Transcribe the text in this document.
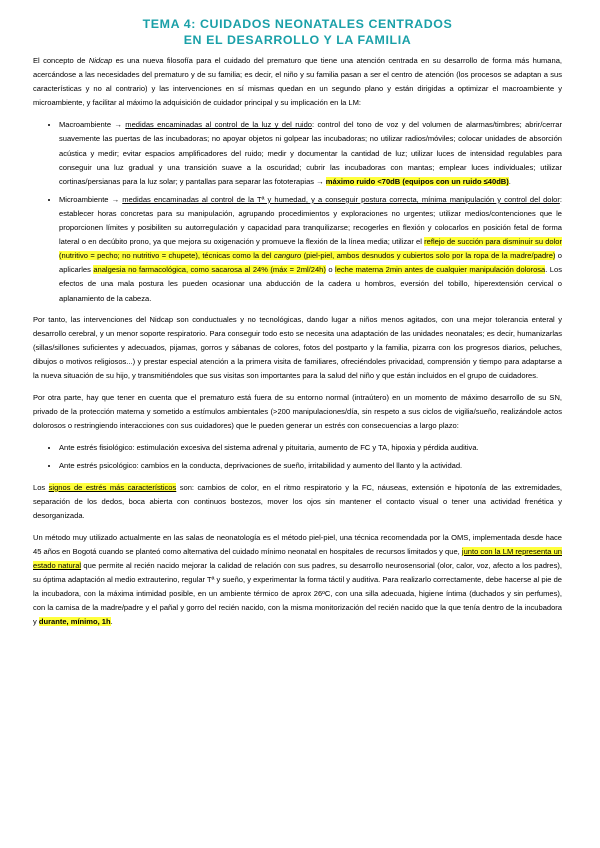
TEMA 4: CUIDADOS NEONATALES CENTRADOS
EN EL DESARROLLO Y LA FAMILIA

El concepto de Nidcap es una nueva filosofía para el cuidado del prematuro que tiene una atención centrada en su desarrollo de forma más humana, acercándose a las necesidades del prematuro y de su familia; es decir, el niño y su familia pasan a ser el centro de atención (los procesos se adaptan a sus características y no al contrario) y las intervenciones en sí mismas quedan en un segundo plano y están dirigidas a optimizar el macroambiente y microambiente, y facilitar al máximo la adquisición de cuidador principal y su implicación en la LM:

• Macroambiente → medidas encaminadas al control de la luz y del ruido: control del tono de voz y del volumen de alarmas/timbres; abrir/cerrar suavemente las puertas de las incubadoras; no apoyar objetos ni golpear las incubadoras; no utilizar radios/móviles; colocar unidades de absorción acústica y medir; evitar espacios amplificadores del ruido; medir y documentar la cantidad de luz; utilizar luces de intensidad regulables para conseguir una luz gradual y una transición suave a la oscuridad; cubrir las incubadoras con mantas; emplear luces individuales; utilizar cortinas/persianas para la luz solar; y pantallas para separar las fototerapias → máximo ruido <70dB (equipos con un ruido ≤40dB).
• Microambiente → medidas encaminadas al control de la Tª y humedad, y a conseguir postura correcta, mínima manipulación y control del dolor: establecer horas concretas para su manipulación, agrupando procedimientos y exploraciones no urgentes; utilizar medios/contenciones que le proporcionen límites y posibiliten su autorregulación y capacidad para tranquilizarse; recogerles en flexión y colocarlos en posición fetal de forma lateral o en decúbito prono, ya que mejora su oxigenación y promueve la flexión de la línea media; utilizar el reflejo de succión para disminuir su dolor (nutritivo = pecho; no nutritivo = chupete), técnicas como la del canguro (piel-piel, ambos desnudos y cubiertos solo por la ropa de la madre/padre) o aplicarles analgesia no farmacológica, como sacarosa al 24% (máx = 2ml/24h) o leche materna 2min antes de cualquier manipulación dolorosa. Los efectos de una mala postura les pueden ocasionar una abducción de la cadera u hombros, eversión del tobillo, hiperextensión cervical o aplanamiento de la cabeza.

Por tanto, las intervenciones del Nidcap son conductuales y no tecnológicas, dando lugar a niños menos agitados, con una mejor tolerancia enteral y desarrollo cerebral, y un menor soporte respiratorio. Para conseguir todo esto se necesita una adaptación de las unidades neonatales; es decir, humanizarlas (sillas/sillones suficientes y adecuados, pijamas, gorros y sábanas de colores, fotos del postparto y la familia, pizarra con los progresos diarios, peluches, dibujos o motivos religiosos...) y prestar especial atención a la primera visita de familiares, ofreciéndoles privacidad, comprensión y tiempo para adaptarse a la nueva situación de su hijo, y transmitiéndoles que sus visitas son importantes para la salud del niño y que están incluidos en el grupo de cuidadores.

Por otra parte, hay que tener en cuenta que el prematuro está fuera de su entorno normal (intraútero) en un momento de máximo desarrollo de su SN, privado de la protección materna y sometido a estímulos ambientales (>200 manipulaciones/día, sin respeto a sus ciclos de vigilia/sueño, realizándole actos dolorosos o restringiendo interacciones con sus cuidadores) que le pueden generar un estrés con consecuencias a largo plazo:

• Ante estrés fisiológico: estimulación excesiva del sistema adrenal y pituitaria, aumento de FC y TA, hipoxia y pérdida auditiva.
• Ante estrés psicológico: cambios en la conducta, deprivaciones de sueño, irritabilidad y aumento del llanto y la actividad.

Los signos de estrés más característicos son: cambios de color, en el ritmo respiratorio y la FC, náuseas, extensión e hipotonía de las extremidades, separación de los dedos, boca abierta con continuos bostezos, mover los ojos sin mantener el contacto visual o tener una actividad frenética y desorganizada.

Un método muy utilizado actualmente en las salas de neonatología es el método piel-piel, una técnica recomendada por la OMS, implementada desde hace 45 años en Bogotá cuando se planteó como alternativa del cuidado mínimo neonatal en hospitales de recursos limitados y que, junto con la LM representa un estado natural que permite al recién nacido mejorar la calidad de relación con sus padres, su desarrollo neurosensorial (olor, calor, voz, afecto a los padres), su óptima adaptación al medio extrauterino, regular Tª y sueño, y experimentar la forma táctil y auditiva. Para realizarlo correctamente, debe hacerse al pie de la incubadora, con la máxima intimidad posible, en un ambiente térmico de aprox 26ºC, con una silla adecuada, higiene íntima (duchados y sin perfumes), con la camisa de la madre/padre y el pañal y gorro del recién nacido, con la misma monitorización del recién nacido que la que tenía dentro de la incubadora y durante, mínimo, 1h.
